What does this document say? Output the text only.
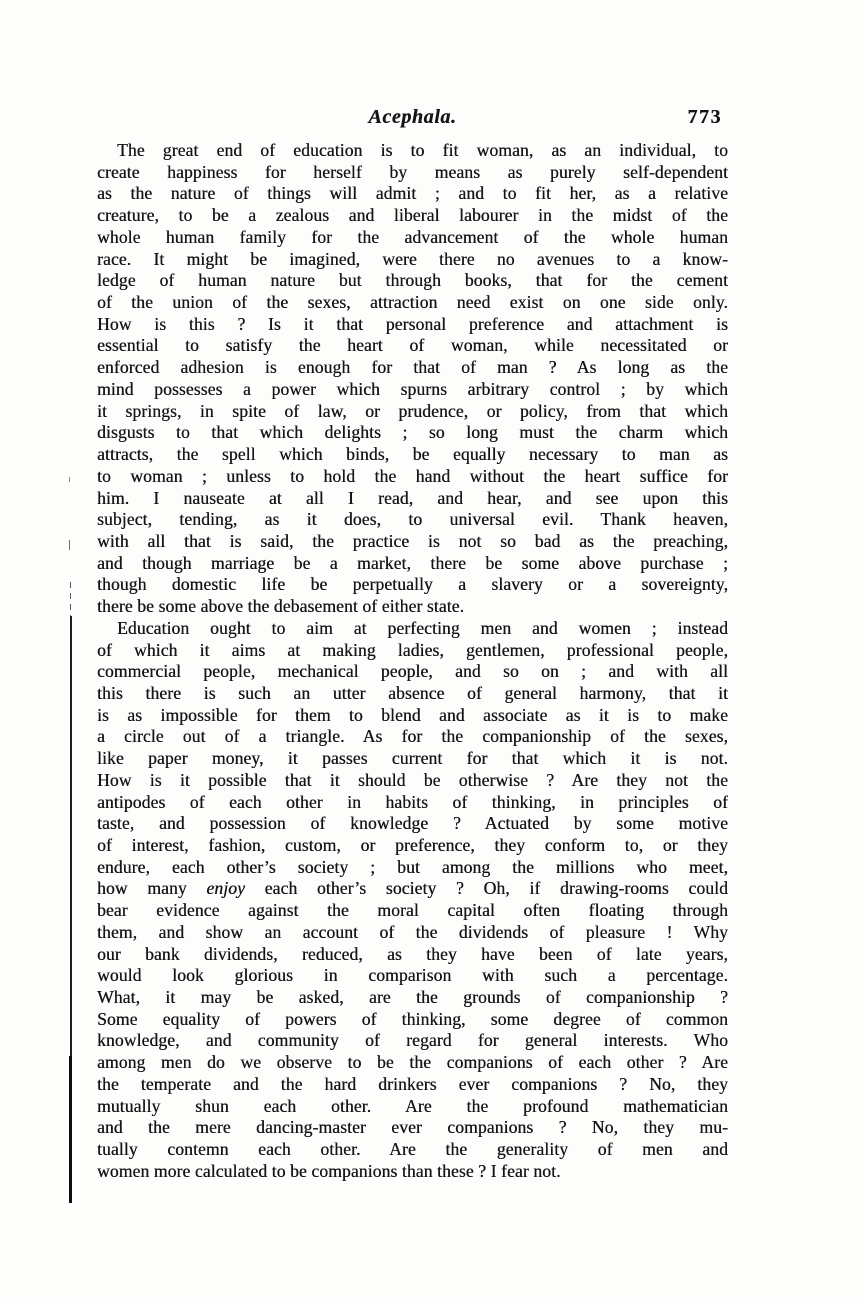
Acephala.	773
The great end of education is to fit woman, as an individual, to
create happiness for herself by means as purely self-dependent
as the nature of things will admit ; and to fit her, as a relative
creature, to be a zealous and liberal labourer in the midst of the
whole human family for the advancement of the whole human
race. It might be imagined, were there no avenues to a know-
ledge of human nature but through books, that for the cement
of the union of the sexes, attraction need exist on one side only.
How is this ? Is it that personal preference and attachment is
essential to satisfy the heart of woman, while necessitated or
enforced adhesion is enough for that of man ? As long as the
mind possesses a power which spurns arbitrary control ; by which
it springs, in spite of law, or prudence, or policy, from that which
disgusts to that which delights ; so long must the charm which
attracts, the spell which binds, be equally necessary to man as
to woman ; unless to hold the hand without the heart suffice for
him. I nauseate at all I read, and hear, and see upon this
subject, tending, as it does, to universal evil. Thank heaven,
with all that is said, the practice is not so bad as the preaching,
and though marriage be a market, there be some above purchase ;
though domestic life be perpetually a slavery or a sovereignty,
there be some above the debasement of either state.
Education ought to aim at perfecting men and women ; instead
of which it aims at making ladies, gentlemen, professional people,
commercial people, mechanical people, and so on ; and with all
this there is such an utter absence of general harmony, that it
is as impossible for them to blend and associate as it is to make
a circle out of a triangle. As for the companionship of the sexes,
like paper money, it passes current for that which it is not.
How is it possible that it should be otherwise ? Are they not the
antipodes of each other in habits of thinking, in principles of
taste, and possession of knowledge ? Actuated by some motive
of interest, fashion, custom, or preference, they conform to, or they
endure, each other’s society ; but among the millions who meet,
how many enjoy each other’s society ? Oh, if drawing-rooms could
bear evidence against the moral capital often floating through
them, and show an account of the dividends of pleasure ! Why
our bank dividends, reduced, as they have been of late years,
would look glorious in comparison with such a percentage.
What, it may be asked, are the grounds of companionship ?
Some equality of powers of thinking, some degree of common
knowledge, and community of regard for general interests. Who
among men do we observe to be the companions of each other ? Are
the temperate and the hard drinkers ever companions ? No, they
mutually shun each other. Are the profound mathematician
and the mere dancing-master ever companions ? No, they mu-
tually contemn each other. Are the generality of men and
women more calculated to be companions than these ? I fear not.
